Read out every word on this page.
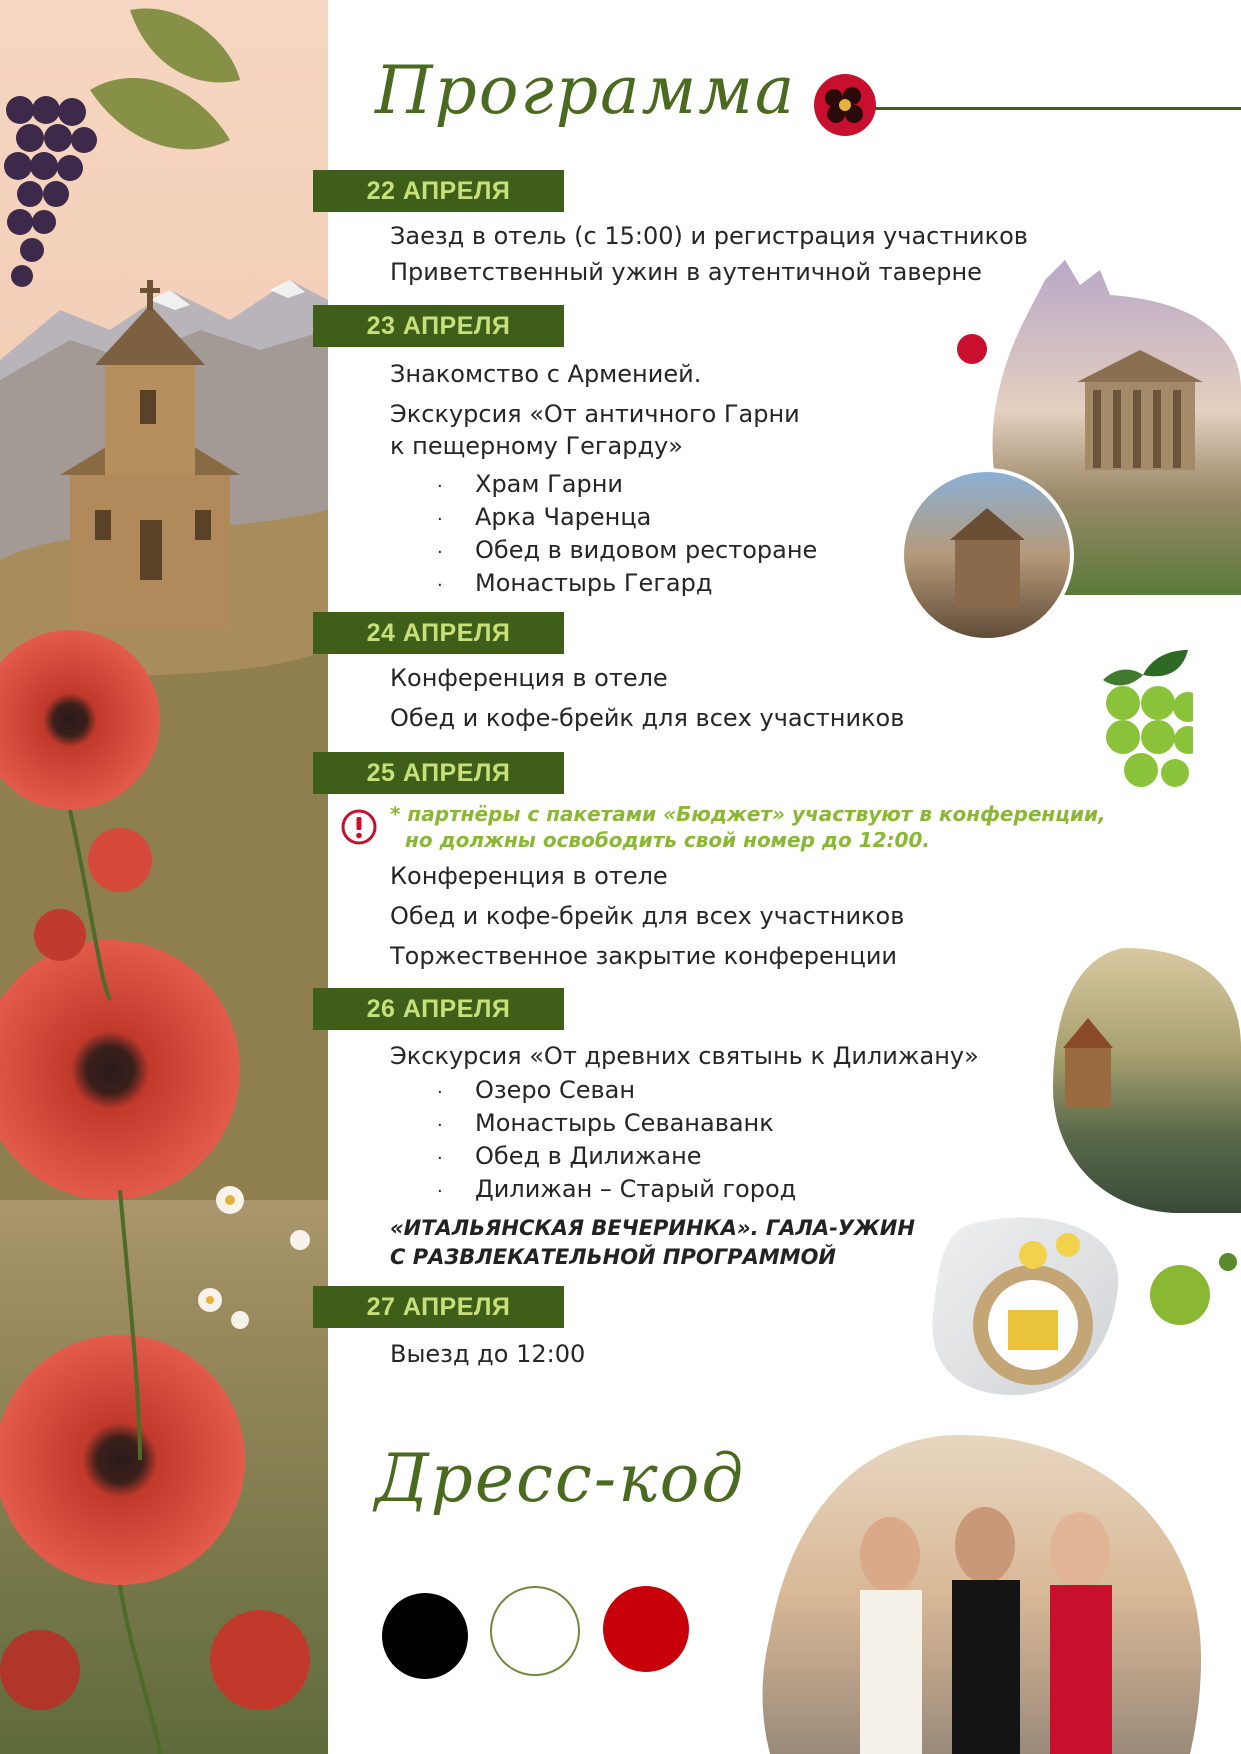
Программа
22 АПРЕЛЯ
Заезд в отель (с 15:00) и регистрация участников
Приветственный ужин в аутентичной таверне
23 АПРЕЛЯ
Знакомство с Арменией.
Экскурсия «От античного Гарни
к пещерному Гегарду»
· Храм Гарни
· Арка Чаренца
· Обед в видовом ресторане
· Монастырь Гегард
24 АПРЕЛЯ
Конференция в отеле
Обед и кофе-брейк для всех участников
25 АПРЕЛЯ
* партнёры с пакетами «Бюджет» участвуют в конференции,
но должны освободить свой номер до 12:00.
Конференция в отеле
Обед и кофе-брейк для всех участников
Торжественное закрытие конференции
26 АПРЕЛЯ
Экскурсия «От древних святынь к Дилижану»
· Озеро Севан
· Монастырь Севанаванк
· Обед в Дилижане
· Дилижан – Старый город
«ИТАЛЬЯНСКАЯ ВЕЧЕРИНКА». ГАЛА-УЖИН
С РАЗВЛЕКАТЕЛЬНОЙ ПРОГРАММОЙ
27 АПРЕЛЯ
Выезд до 12:00
Дресс-код
